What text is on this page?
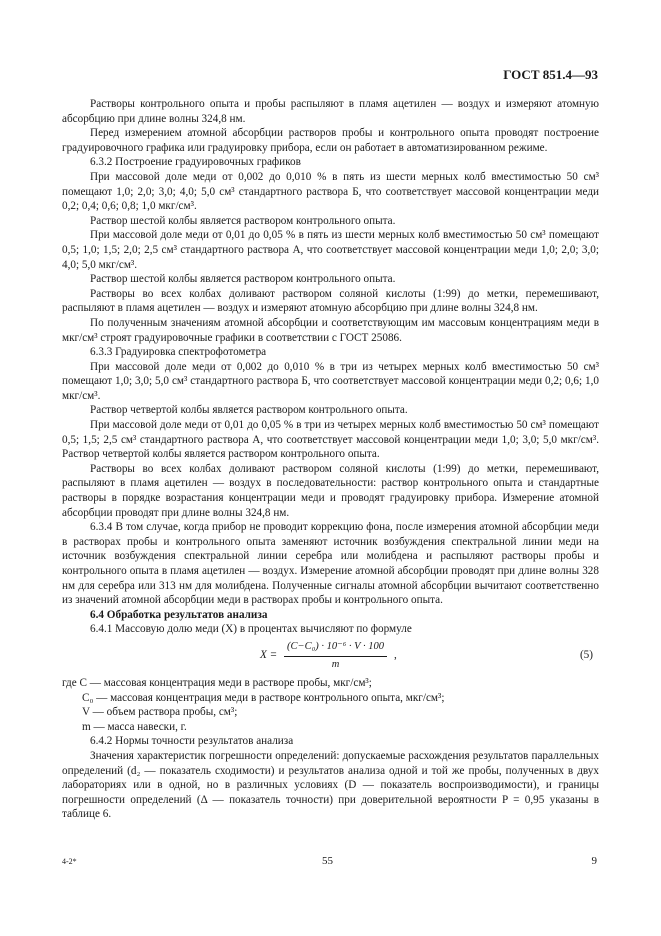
ГОСТ 851.4—93

Растворы контрольного опыта и пробы распыляют в пламя ацетилен — воздух и измеряют атомную абсорбцию при длине волны 324,8 нм.

Перед измерением атомной абсорбции растворов пробы и контрольного опыта проводят построение градуировочного графика или градуировку прибора, если он работает в автоматизированном режиме.

6.3.2 Построение градуировочных графиков

При массовой доле меди от 0,002 до 0,010 % в пять из шести мерных колб вместимостью 50 см³ помещают 1,0; 2,0; 3,0; 4,0; 5,0 см³ стандартного раствора Б, что соответствует массовой концентрации меди 0,2; 0,4; 0,6; 0,8; 1,0 мкг/см³.

Раствор шестой колбы является раствором контрольного опыта.

При массовой доле меди от 0,01 до 0,05 % в пять из шести мерных колб вместимостью 50 см³ помещают 0,5; 1,0; 1,5; 2,0; 2,5 см³ стандартного раствора А, что соответствует массовой концентрации меди 1,0; 2,0; 3,0; 4,0; 5,0 мкг/см³.

Раствор шестой колбы является раствором контрольного опыта.

Растворы во всех колбах доливают раствором соляной кислоты (1:99) до метки, перемешивают, распыляют в пламя ацетилен — воздух и измеряют атомную абсорбцию при длине волны 324,8 нм.

По полученным значениям атомной абсорбции и соответствующим им массовым концентрациям меди в мкг/см³ строят градуировочные графики в соответствии с ГОСТ 25086.

6.3.3 Градуировка спектрофотометра

При массовой доле меди от 0,002 до 0,010 % в три из четырех мерных колб вместимостью 50 см³ помещают 1,0; 3,0; 5,0 см³ стандартного раствора Б, что соответствует массовой концентрации меди 0,2; 0,6; 1,0 мкг/см³.

Раствор четвертой колбы является раствором контрольного опыта.

При массовой доле меди от 0,01 до 0,05 % в три из четырех мерных колб вместимостью 50 см³ помещают 0,5; 1,5; 2,5 см³ стандартного раствора А, что соответствует массовой концентрации меди 1,0; 3,0; 5,0 мкг/см³. Раствор четвертой колбы является раствором контрольного опыта.

Растворы во всех колбах доливают раствором соляной кислоты (1:99) до метки, перемешивают, распыляют в пламя ацетилен — воздух в последовательности: раствор контрольного опыта и стандартные растворы в порядке возрастания концентрации меди и проводят градуировку прибора. Измерение атомной абсорбции проводят при длине волны 324,8 нм.

6.3.4 В том случае, когда прибор не проводит коррекцию фона, после измерения атомной абсорбции меди в растворах пробы и контрольного опыта заменяют источник возбуждения спектральной линии меди на источник возбуждения спектральной линии серебра или молибдена и распыляют растворы пробы и контрольного опыта в пламя ацетилен — воздух. Измерение атомной абсорбции проводят при длине волны 328 нм для серебра или 313 нм для молибдена. Полученные сигналы атомной абсорбции вычитают соответственно из значений атомной абсорбции меди в растворах пробы и контрольного опыта.

6.4 Обработка результатов анализа

6.4.1 Массовую долю меди (X) в процентах вычисляют по формуле

$X = \frac{\text{(C−C₀) · 10⁻⁶ · V · 100}}{m}$ ,	(5)
где C — массовая концентрация меди в растворе пробы, мкг/см³;
C₀ — массовая концентрация меди в растворе контрольного опыта, мкг/см³;
V — объем раствора пробы, см³;
m — масса навески, г.

6.4.2 Нормы точности результатов анализа

Значения характеристик погрешности определений: допускаемые расхождения результатов параллельных определений (d₂ — показатель сходимости) и результатов анализа одной и той же пробы, полученных в двух лабораториях или в одной, но в различных условиях (D — показатель воспроизводимости), и границы погрешности определений (Δ — показатель точности) при доверительной вероятности P = 0,95 указаны в таблице 6.

4-2*	55	9
